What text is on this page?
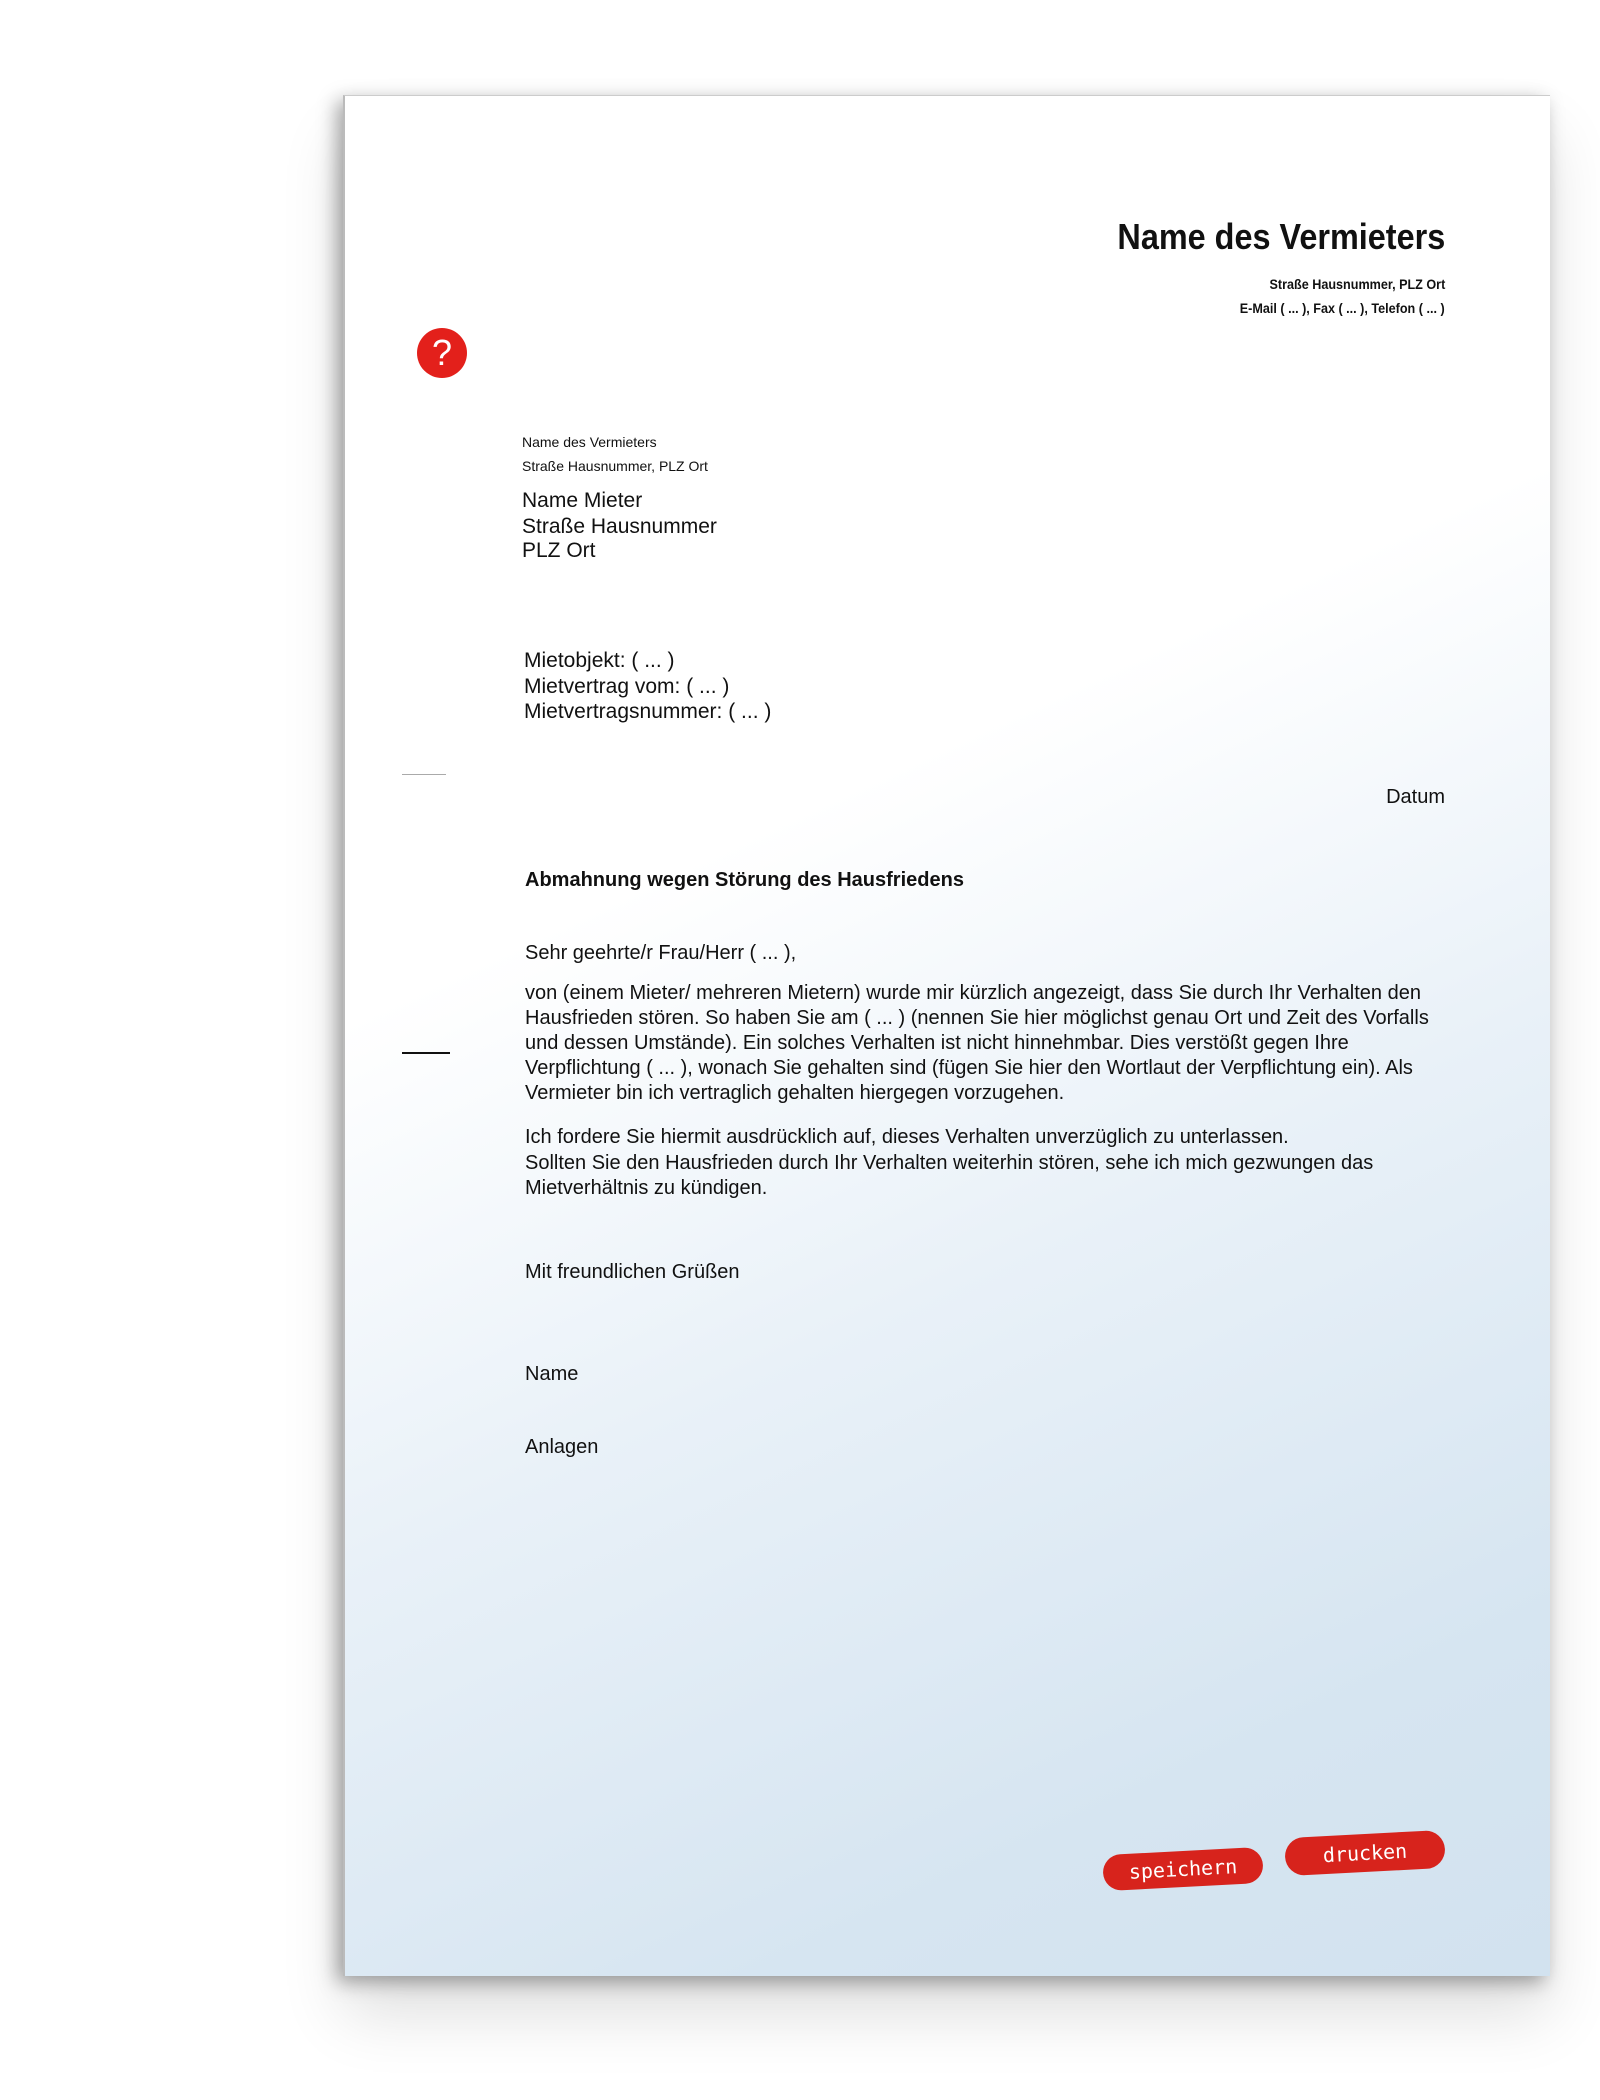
Name des Vermieters
Straße Hausnummer, PLZ Ort
E-Mail ( ... ), Fax ( ... ), Telefon ( ... )
?
Name des Vermieters
Straße Hausnummer, PLZ Ort
Name Mieter
Straße Hausnummer
PLZ Ort
Mietobjekt: ( ... )
Mietvertrag vom: ( ... )
Mietvertragsnummer: ( ... )
Datum
Abmahnung wegen Störung des Hausfriedens
Sehr geehrte/r Frau/Herr ( ... ),
von (einem Mieter/ mehreren Mietern) wurde mir kürzlich angezeigt, dass Sie durch Ihr Verhalten den Hausfrieden stören. So haben Sie am ( ... ) (nennen Sie hier möglichst genau Ort und Zeit des Vorfalls und dessen Umstände). Ein solches Verhalten ist nicht hinnehmbar. Dies verstößt gegen Ihre Verpflichtung ( ... ), wonach Sie gehalten sind (fügen Sie hier den Wortlaut der Verpflichtung ein). Als Vermieter bin ich vertraglich gehalten hiergegen vorzugehen.
Ich fordere Sie hiermit ausdrücklich auf, dieses Verhalten unverzüglich zu unterlassen.
Sollten Sie den Hausfrieden durch Ihr Verhalten weiterhin stören, sehe ich mich gezwungen das Mietverhältnis zu kündigen.
Mit freundlichen Grüßen
Name
Anlagen
speichern
drucken
